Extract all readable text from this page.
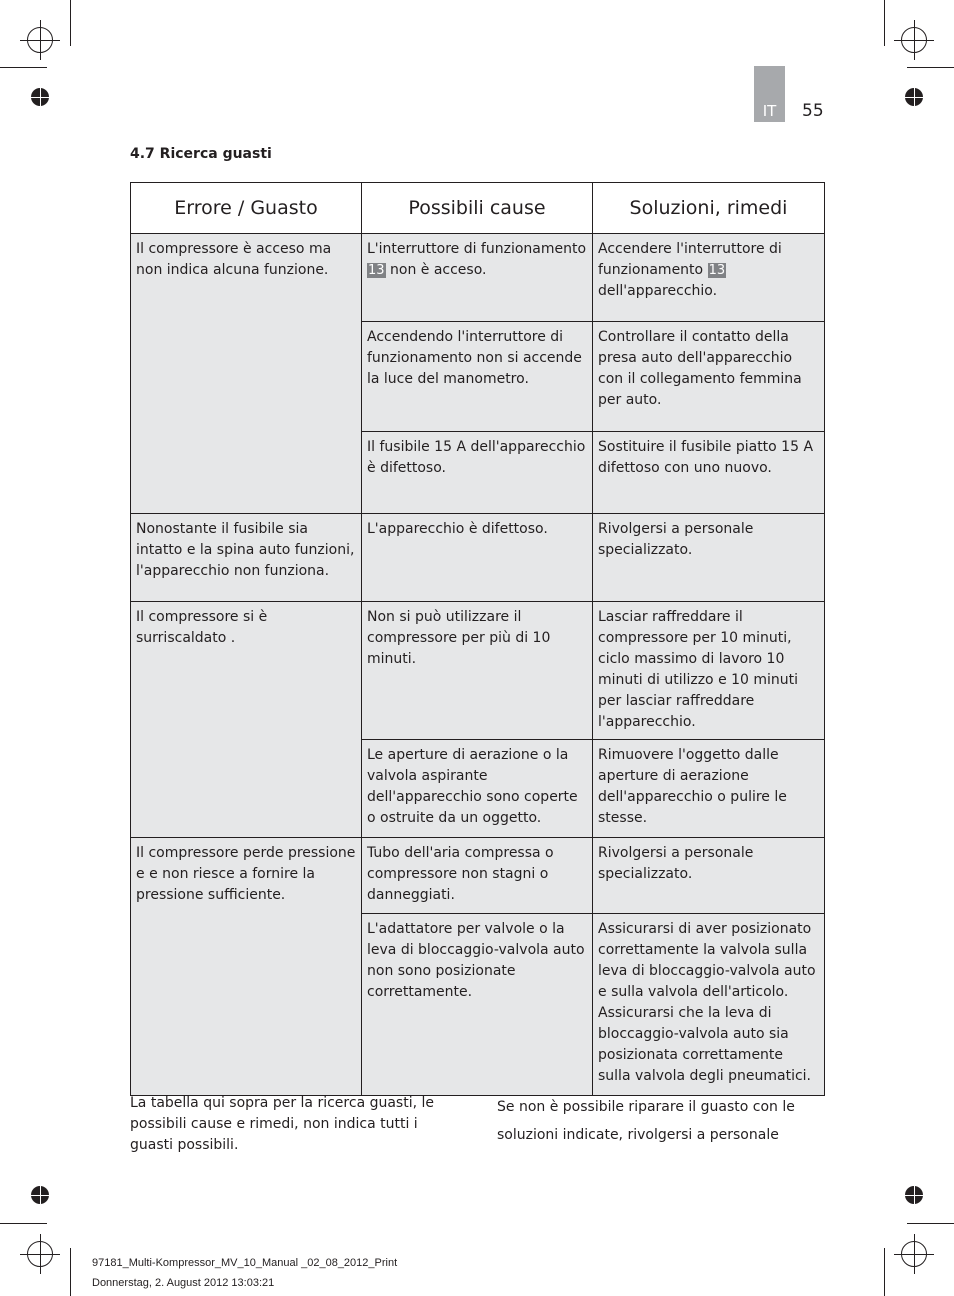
IT 55
4.7 Ricerca guasti
Errore / Guasto	Possibili cause	Soluzioni, rimedi
Il compressore è acceso ma non indica alcuna funzione.	L'interruttore di funzionamento 13 non è acceso.	Accendere l'interruttore di funzionamento 13 dell'apparecchio.
	Accendendo l'interruttore di funzionamento non si accende la luce del manometro.	Controllare il contatto della presa auto dell'apparecchio con il collegamento femmina per auto.
	Il fusibile 15 A dell'apparecchio è difettoso.	Sostituire il fusibile piatto 15 A difettoso con uno nuovo.
Nonostante il fusibile sia intatto e la spina auto funzioni, l'apparecchio non funziona.	L'apparecchio è difettoso.	Rivolgersi a personale specializzato.
Il compressore si è surriscaldato .	Non si può utilizzare il compressore per più di 10 minuti.	Lasciar raffreddare il compressore per 10 minuti, ciclo massimo di lavoro 10 minuti di utilizzo e 10 minuti per lasciar raffreddare l'apparecchio.
	Le aperture di aerazione o la valvola aspirante dell'apparecchio sono coperte o ostruite da un oggetto.	Rimuovere l'oggetto dalle aperture di aerazione dell'apparecchio o pulire le stesse.
Il compressore perde pressione e e non riesce a fornire la pressione sufficiente.	Tubo dell'aria compressa o compressore non stagni o danneggiati.	Rivolgersi a personale specializzato.
	L'adattatore per valvole o la leva di bloccaggio-valvola auto non sono posizionate correttamente.	Assicurarsi di aver posizionato correttamente la valvola sulla leva di bloccaggio-valvola auto e sulla valvola dell'articolo. Assicurarsi che la leva di bloccaggio-valvola auto sia posizionata correttamente sulla valvola degli pneumatici.
La tabella qui sopra per la ricerca guasti, le possibili cause e rimedi, non indica tutti i guasti possibili.
Se non è possibile riparare il guasto con le soluzioni indicate, rivolgersi a personale
97181_Multi-Kompressor_MV_10_Manual _02_08_2012_Print
Donnerstag, 2. August 2012 13:03:21
